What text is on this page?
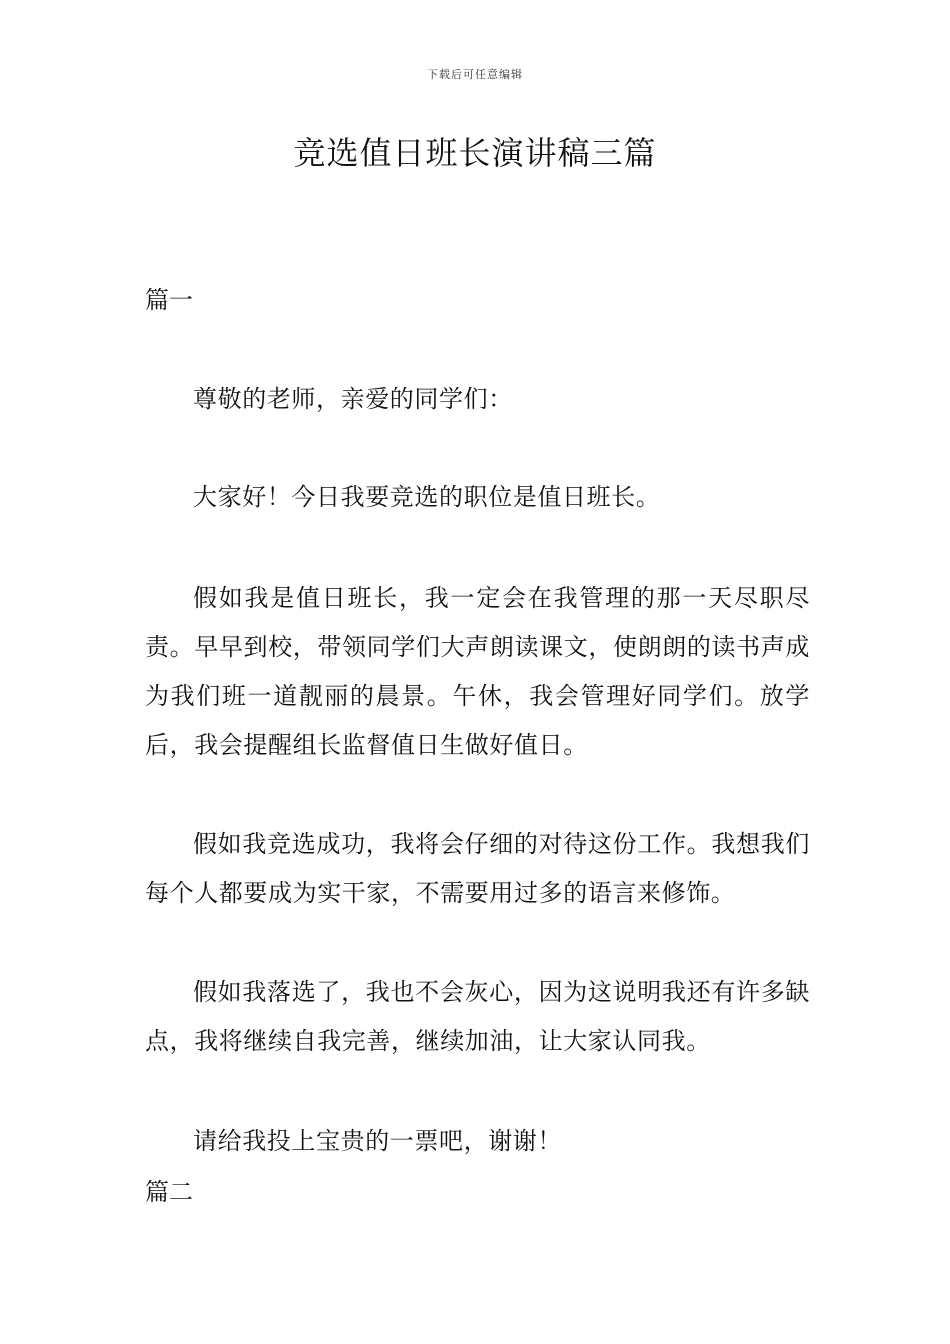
下载后可任意编辑
竞选值日班长演讲稿三篇
篇一

尊敬的老师，亲爱的同学们：

大家好！今日我要竞选的职位是值日班长。

假如我是值日班长，我一定会在我管理的那一天尽职尽责。早早到校，带领同学们大声朗读课文，使朗朗的读书声成为我们班一道靓丽的晨景。午休，我会管理好同学们。放学后，我会提醒组长监督值日生做好值日。

假如我竞选成功，我将会仔细的对待这份工作。我想我们每个人都要成为实干家，不需要用过多的语言来修饰。

假如我落选了，我也不会灰心，因为这说明我还有许多缺点，我将继续自我完善，继续加油，让大家认同我。

请给我投上宝贵的一票吧，谢谢！

篇二
